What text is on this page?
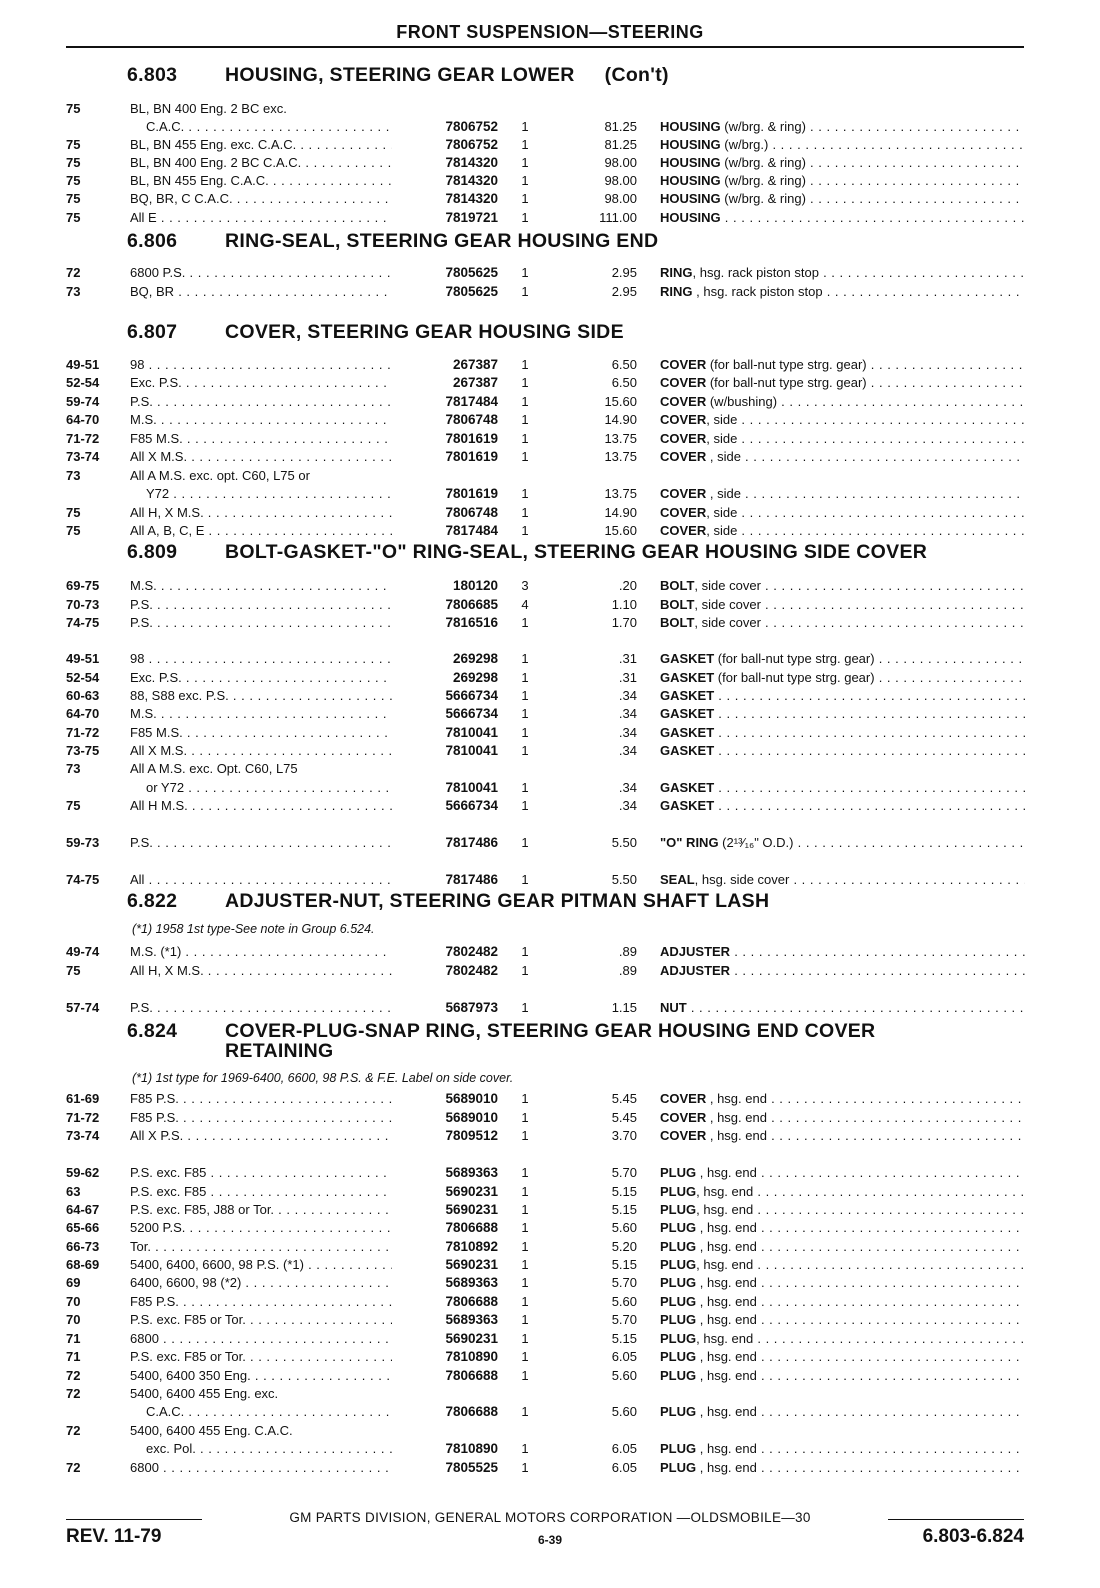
FRONT SUSPENSION—STEERING
6.803 HOUSING, STEERING GEAR LOWER (Con't)
75	BL, BN 400 Eng. 2 BC exc.
C.A.C. . . .	7806752	1	81.25 HOUSING (w/brg. & ring) . . .
75	BL, BN 455 Eng. exc. C.A.C. . . .	7806752	1	81.25 HOUSING (w/brg.) . . .
75	BL, BN 400 Eng. 2 BC C.A.C. . . .	7814320	1	98.00 HOUSING (w/brg. & ring) . . .
75	BL, BN 455 Eng. C.A.C. . . .	7814320	1	98.00 HOUSING (w/brg. & ring) . . .
75	BQ, BR, C C.A.C. . . .	7814320	1	98.00 HOUSING (w/brg. & ring) . . .
75	All E . . .	7819721	1	111.00 HOUSING . . .
6.806 RING-SEAL, STEERING GEAR HOUSING END
72	6800 P.S. . . .	7805625	1	2.95 RING, hsg. rack piston stop . . .
73	BQ, BR . . .	7805625	1	2.95 RING , hsg. rack piston stop . . .
6.807 COVER, STEERING GEAR HOUSING SIDE
49-51	98 . . .	267387	1	6.50 COVER (for ball-nut type strg. gear) . . .
52-54	Exc. P.S. . . .	267387	1	6.50 COVER (for ball-nut type strg. gear) . . .
59-74	P.S. . . .	7817484	1	15.60 COVER (w/bushing) . . .
64-70	M.S. . . .	7806748	1	14.90 COVER, side . . .
71-72	F85 M.S. . . .	7801619	1	13.75 COVER, side . . .
73-74	All X M.S. . . .	7801619	1	13.75 COVER , side . . .
73	All A M.S. exc. opt. C60, L75 or
Y72 . . .	7801619	1	13.75 COVER , side . . .
75	All H, X M.S. . . .	7806748	1	14.90 COVER, side . . .
75	All A, B, C, E . . .	7817484	1	15.60 COVER, side . . .
6.809 BOLT-GASKET-"O" RING-SEAL, STEERING GEAR HOUSING SIDE COVER
69-75	M.S. . . .	180120	3	.20 BOLT, side cover . . .
70-73	P.S. . . .	7806685	4	1.10 BOLT, side cover . . .
74-75	P.S. . . .	7816516	1	1.70 BOLT, side cover . . .
49-51	98 . . .	269298	1	.31 GASKET (for ball-nut type strg. gear) . . .
52-54	Exc. P.S. . . .	269298	1	.31 GASKET (for ball-nut type strg. gear) . . .
60-63	88, S88 exc. P.S. . . .	5666734	1	.34 GASKET . . .
64-70	M.S. . . .	5666734	1	.34 GASKET . . .
71-72	F85 M.S. . . .	7810041	1	.34 GASKET . . .
73-75	All X M.S. . . .	7810041	1	.34 GASKET . . .
73	All A M.S. exc. Opt. C60, L75
or Y72 . . .	7810041	1	.34 GASKET . . .
75	All H M.S. . . .	5666734	1	.34 GASKET . . .
59-73	P.S. . . .	7817486	1	5.50 "O" RING (2¹³⁄₁₆" O.D.) . . .
74-75	All . . .	7817486	1	5.50 SEAL, hsg. side cover . . .
6.822 ADJUSTER-NUT, STEERING GEAR PITMAN SHAFT LASH
(*1) 1958 1st type-See note in Group 6.524.
49-74	M.S. (*1) . . .	7802482	1	.89 ADJUSTER . . .
75	All H, X M.S. . . .	7802482	1	.89 ADJUSTER . . .
57-74	P.S. . . .	5687973	1	1.15 NUT . . .
6.824 COVER-PLUG-SNAP RING, STEERING GEAR HOUSING END COVER
RETAINING
(*1) 1st type for 1969-6400, 6600, 98 P.S. & F.E. Label on side cover.
61-69	F85 P.S. . . .	5689010	1	5.45 COVER , hsg. end . . .
71-72	F85 P.S. . . .	5689010	1	5.45 COVER , hsg. end . . .
73-74	All X P.S. . . .	7809512	1	3.70 COVER , hsg. end . . .
59-62	P.S. exc. F85 . . .	5689363	1	5.70 PLUG , hsg. end . . .
63	P.S. exc. F85 . . .	5690231	1	5.15 PLUG, hsg. end . . .
64-67	P.S. exc. F85, J88 or Tor. . . .	5690231	1	5.15 PLUG, hsg. end . . .
65-66	5200 P.S. . . .	7806688	1	5.60 PLUG , hsg. end . . .
66-73	Tor. . . .	7810892	1	5.20 PLUG , hsg. end . . .
68-69	5400, 6400, 6600, 98 P.S. (*1) . . .	5690231	1	5.15 PLUG, hsg. end . . .
69	6400, 6600, 98 (*2) . . .	5689363	1	5.70 PLUG , hsg. end . . .
70	F85 P.S. . . .	7806688	1	5.60 PLUG , hsg. end . . .
70	P.S. exc. F85 or Tor. . . .	5689363	1	5.70 PLUG , hsg. end . . .
71	6800 . . .	5690231	1	5.15 PLUG, hsg. end . . .
71	P.S. exc. F85 or Tor. . . .	7810890	1	6.05 PLUG , hsg. end . . .
72	5400, 6400 350 Eng. . . .	7806688	1	5.60 PLUG , hsg. end . . .
72	5400, 6400 455 Eng. exc.
C.A.C. . . .	7806688	1	5.60 PLUG , hsg. end . . .
72	5400, 6400 455 Eng. C.A.C.
exc. Pol. . . .	7810890	1	6.05 PLUG , hsg. end . . .
72	6800 . . .	7805525	1	6.05 PLUG , hsg. end . . .
GM PARTS DIVISION, GENERAL MOTORS CORPORATION —OLDSMOBILE—30
REV. 11-79	6-39	6.803-6.824
